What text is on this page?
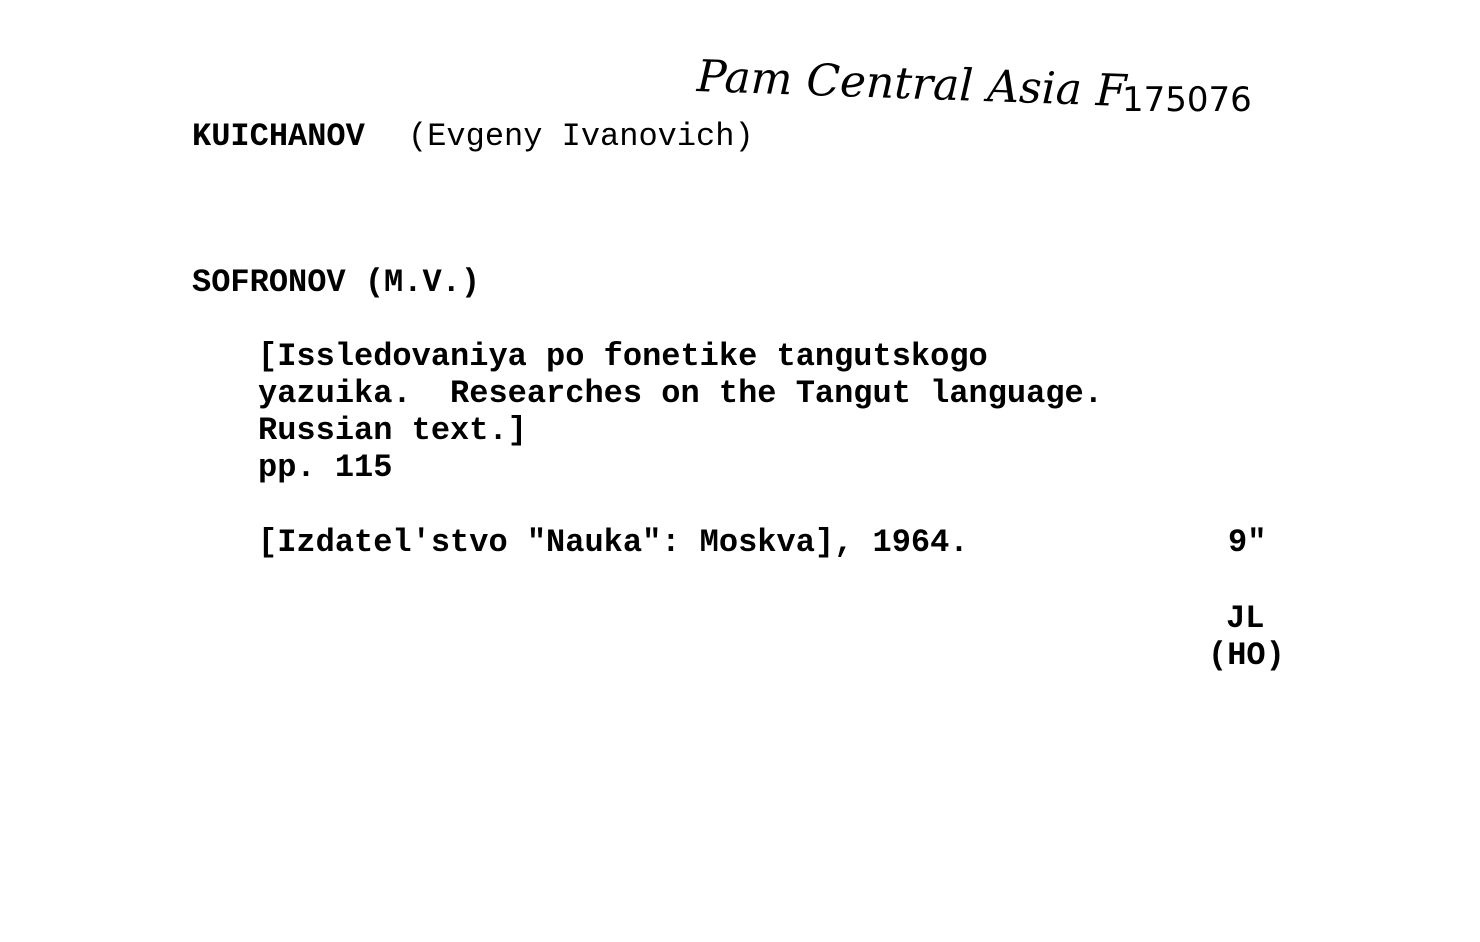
Pam Central Asia F
175076
KUICHANOV (Evgeny Ivanovich)
SOFRONOV (M.V.)
[Issledovaniya po fonetike tangutskogo
yazuika.  Researches on the Tangut language.
Russian text.]
pp. 115
[Izdatel'stvo "Nauka": Moskva], 1964.	9"
JL
(HO)
